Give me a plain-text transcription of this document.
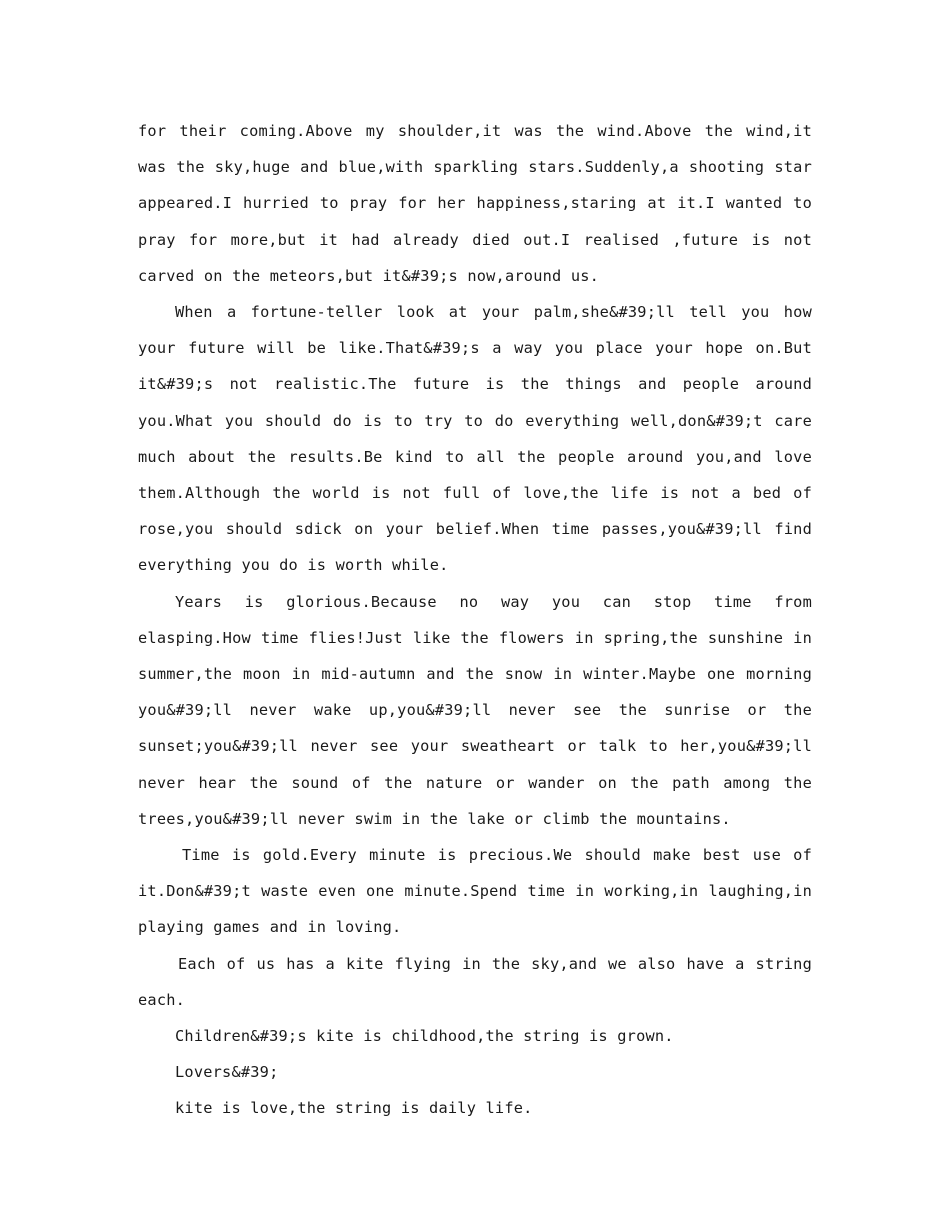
for their coming.Above my shoulder,it was the wind.Above the wind,it was the sky,huge and blue,with sparkling stars.Suddenly,a shooting star appeared.I hurried to pray for her happiness,staring at it.I wanted to pray for more,but it had already died out.I realised ,future is not carved on the meteors,but it&#39;s now,around us.

When a fortune-teller look at your palm,she&#39;ll tell you how your future will be like.That&#39;s a way you place your hope on.But it&#39;s not realistic.The future is the things and people around you.What you should do is to try to do everything well,don&#39;t care much about the results.Be kind to all the people around you,and love them.Although the world is not full of love,the life is not a bed of rose,you should sdick on your belief.When time passes,you&#39;ll find everything you do is worth while.

Years is glorious.Because no way you can stop time from elasping.How time flies!Just like the flowers in spring,the sunshine in summer,the moon in mid-autumn and the snow in winter.Maybe one morning you&#39;ll never wake up,you&#39;ll never see the sunrise or the sunset;you&#39;ll never see your sweatheart or talk to her,you&#39;ll never hear the sound of the nature or wander on the path among the trees,you&#39;ll never swim in the lake or climb the mountains.

Time is gold.Every minute is precious.We should make best use of it.Don&#39;t waste even one minute.Spend time in working,in laughing,in playing games and in loving.

Each of us has a kite flying in the sky,and we also have a string each.

Children&#39;s kite is childhood,the string is grown.

Lovers&#39;

kite is love,the string is daily life.
